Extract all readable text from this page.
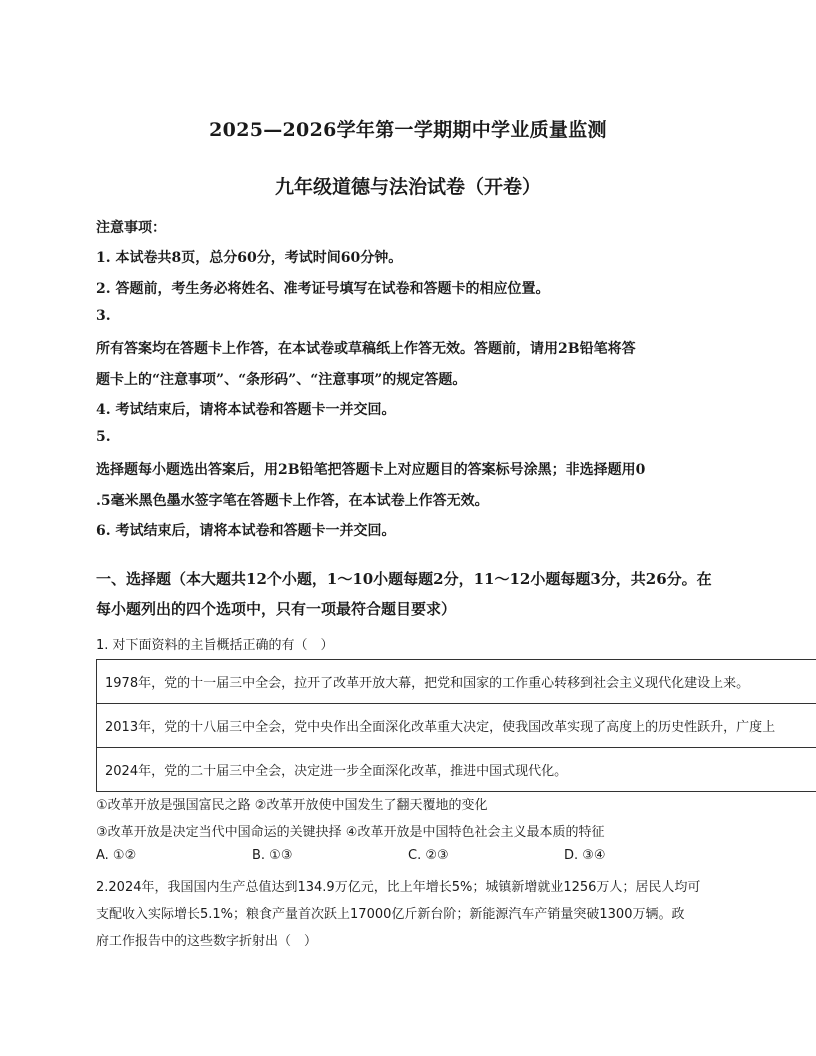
2025—2026学年第一学期期中学业质量监测
九年级道德与法治试卷（开卷）
注意事项：
1. 本试卷共8页，总分60分，考试时间60分钟。
2. 答题前，考生务必将姓名、准考证号填写在试卷和答题卡的相应位置。
3.
所有答案均在答题卡上作答，在本试卷或草稿纸上作答无效。答题前，请用2B铅笔将答
题卡上的“注意事项”、“条形码”、“注意事项”的规定答题。
4. 考试结束后，请将本试卷和答题卡一并交回。
5.
选择题每小题选出答案后，用2B铅笔把答题卡上对应题目的答案标号涂黑；非选择题用0
.5毫米黑色墨水签字笔在答题卡上作答，在本试卷上作答无效。
6. 考试结束后，请将本试卷和答题卡一并交回。
一、选择题（本大题共12个小题，1～10小题每题2分，11～12小题每题3分，共26分。在
每小题列出的四个选项中，只有一项最符合题目要求）
1. 对下面资料的主旨概括正确的有（　）
1978年，党的十一届三中全会，拉开了改革开放大幕，把党和国家的工作重心转移到社会主义现代化建设上来。
2013年，党的十八届三中全会，党中央作出全面深化改革重大决定，使我国改革实现了高度上的历史性跃升，广度上
2024年，党的二十届三中全会，决定进一步全面深化改革，推进中国式现代化。
①改革开放是强国富民之路 ②改革开放使中国发生了翻天覆地的变化
③改革开放是决定当代中国命运的关键抉择 ④改革开放是中国特色社会主义最本质的特征
A. ①②	B. ①③	C. ②③	D. ③④
2.2024年，我国国内生产总值达到134.9万亿元，比上年增长5%；城镇新增就业1256万人；居民人均可
支配收入实际增长5.1%；粮食产量首次跃上17000亿斤新台阶；新能源汽车产销量突破1300万辆。政
府工作报告中的这些数字折射出（　）
